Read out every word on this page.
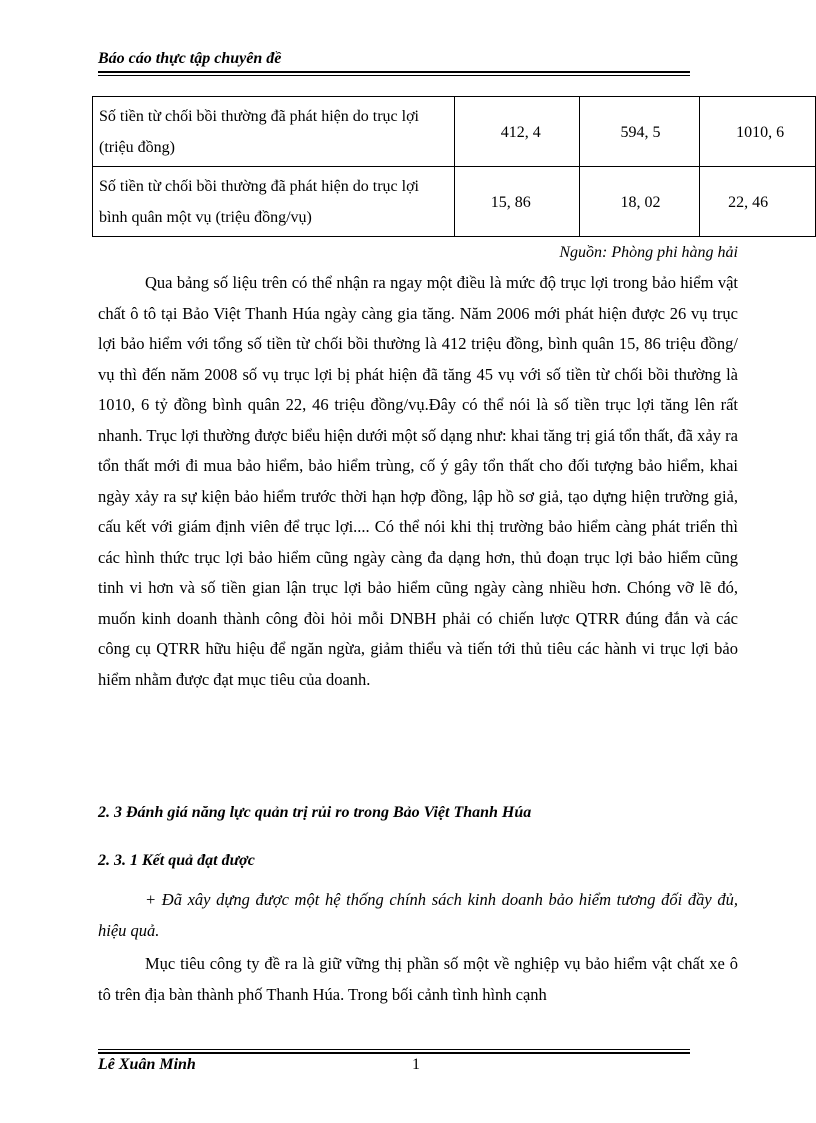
Báo cáo thực tập chuyên đề
Số tiền từ chối bồi thường đã phát hiện do trục lợi (triệu đồng)	412, 4	594, 5	1010, 6
Số tiền từ chối bồi thường đã phát hiện do trục lợi bình quân một vụ (triệu đồng/vụ)	15, 86	18, 02	22, 46
Nguồn: Phòng phi hàng hải
Qua bảng số liệu trên có thể nhận ra ngay một điều là mức độ trục lợi trong bảo hiểm vật chất ô tô tại Bảo Việt Thanh Húa ngày càng gia tăng. Năm 2006 mới phát hiện được 26 vụ trục lợi bảo hiểm với tổng số tiền từ chối bồi thường là 412 triệu đồng, bình quân 15, 86 triệu đồng/ vụ thì đến năm 2008 số vụ trục lợi bị phát hiện đã tăng 45 vụ với số tiền từ chối bồi thường là 1010, 6 tỷ đồng bình quân 22, 46 triệu đồng/vụ.Đây có thể nói là số tiền trục lợi tăng lên rất nhanh. Trục lợi thường được biểu hiện dưới một số dạng như: khai tăng trị giá tổn thất, đã xảy ra tổn thất mới đi mua bảo hiểm, bảo hiểm trùng, cố ý gây tổn thất cho đối tượng bảo hiểm, khai ngày xảy ra sự kiện bảo hiểm trước thời hạn hợp đồng, lập hồ sơ giả, tạo dựng hiện trường giả, cấu kết với giám định viên để trục lợi.... Có thể nói khi thị trường bảo hiểm càng phát triển thì các hình thức trục lợi bảo hiểm cũng ngày càng đa dạng hơn, thủ đoạn trục lợi bảo hiểm cũng tinh vi hơn và số tiền gian lận trục lợi bảo hiểm cũng ngày càng nhiều hơn. Chóng vỡ lẽ đó, muốn kinh doanh thành công đòi hỏi mỗi DNBH phải có chiến lược QTRR đúng đắn và các công cụ QTRR hữu hiệu để ngăn ngừa, giảm thiểu và tiến tới thủ tiêu các hành vi trục lợi bảo hiểm nhằm được đạt mục tiêu của doanh.
2. 3 Đánh giá năng lực quản trị rủi ro trong Bảo Việt Thanh Húa
2. 3. 1 Kết quả đạt được
+ Đã xây dựng được một hệ thống chính sách kinh doanh bảo hiểm tương đối đầy đủ, hiệu quả.
Mục tiêu công ty đề ra là giữ vững thị phần số một về nghiệp vụ bảo hiểm vật chất xe ô tô trên địa bàn thành phố Thanh Húa. Trong bối cảnh tình hình cạnh
Lê Xuân Minh	1
